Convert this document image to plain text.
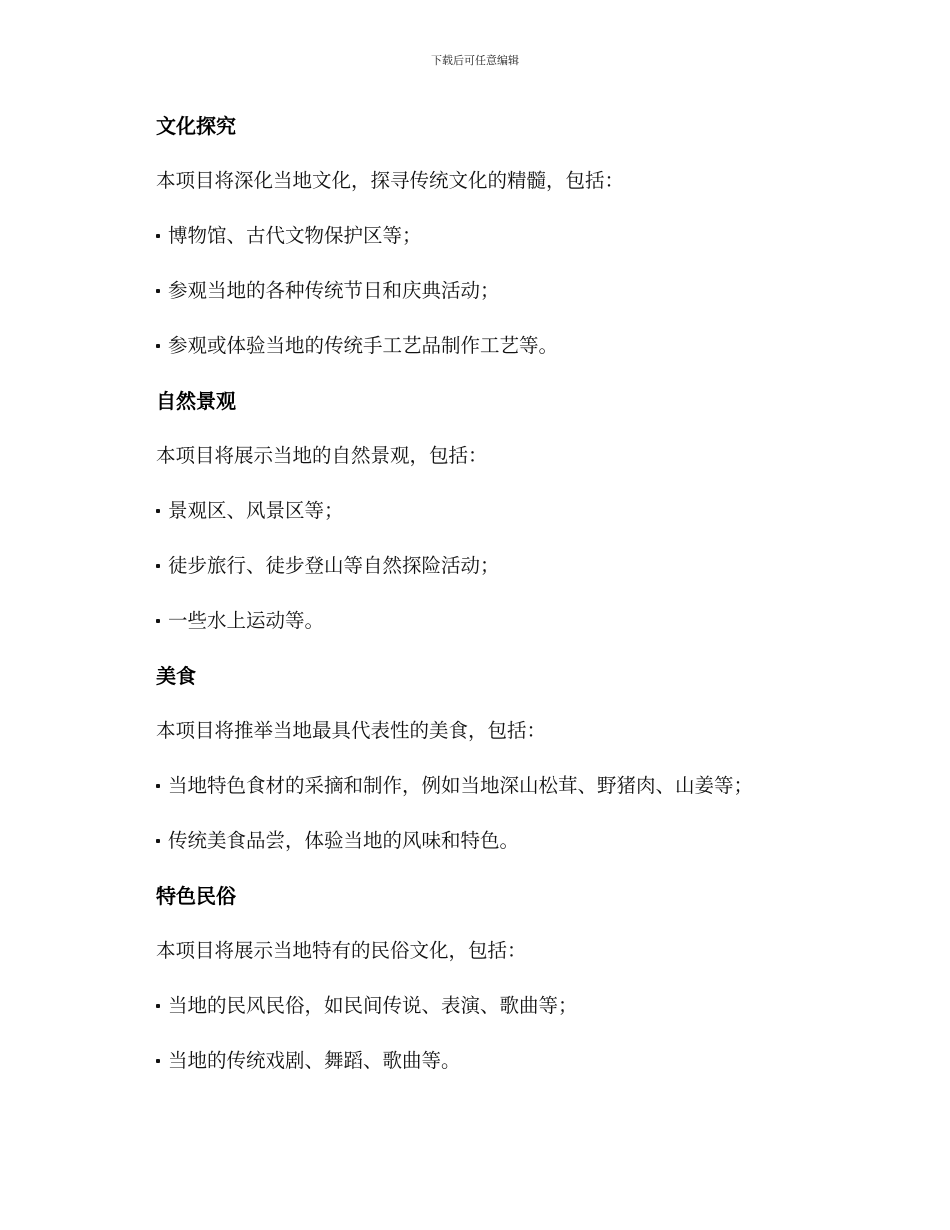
下载后可任意编辑
文化探究
本项目将深化当地文化，探寻传统文化的精髓，包括：
博物馆、古代文物保护区等；
参观当地的各种传统节日和庆典活动；
参观或体验当地的传统手工艺品制作工艺等。
自然景观
本项目将展示当地的自然景观，包括：
景观区、风景区等；
徒步旅行、徒步登山等自然探险活动；
一些水上运动等。
美食
本项目将推举当地最具代表性的美食，包括：
当地特色食材的采摘和制作，例如当地深山松茸、野猪肉、山姜等；
传统美食品尝，体验当地的风味和特色。
特色民俗
本项目将展示当地特有的民俗文化，包括：
当地的民风民俗，如民间传说、表演、歌曲等；
当地的传统戏剧、舞蹈、歌曲等。
